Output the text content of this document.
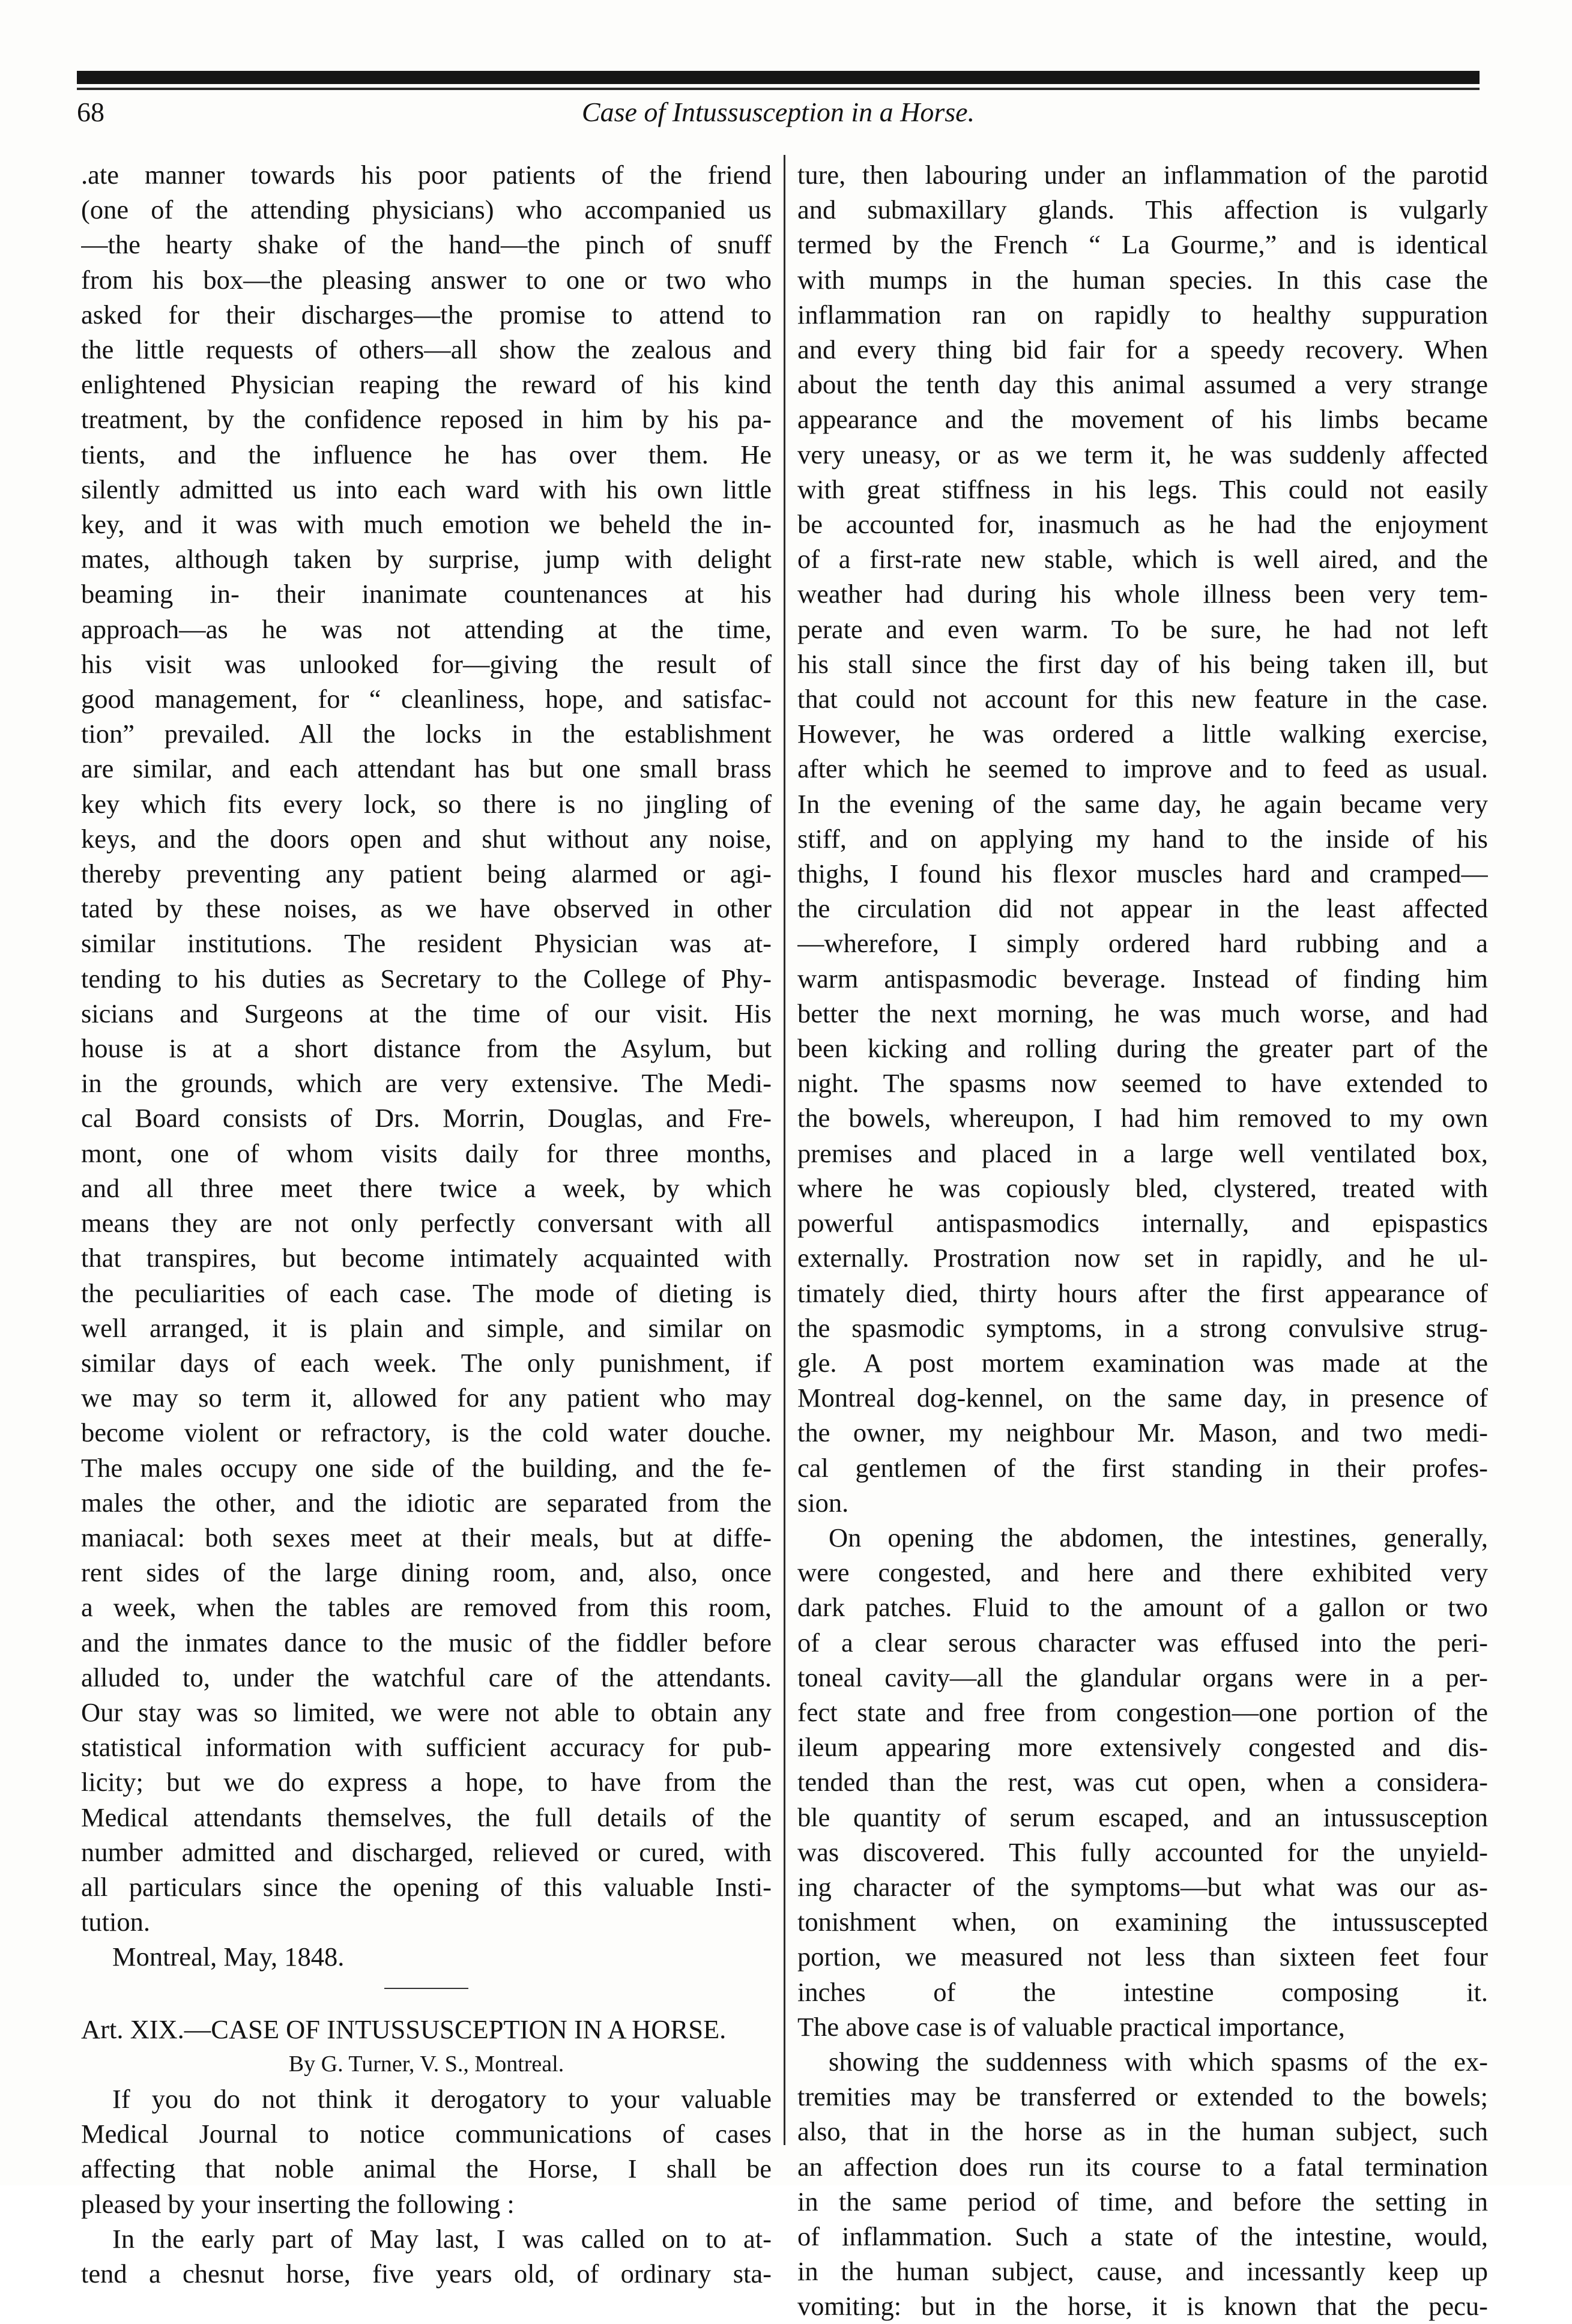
68	Case of Intussusception in a Horse.
.ate manner towards his poor patients of the friend
(one of the attending physicians) who accompanied us
—the hearty shake of the hand—the pinch of snuff
from his box—the pleasing answer to one or two who
asked for their discharges—the promise to attend to
the little requests of others—all show the zealous and
enlightened Physician reaping the reward of his kind
treatment, by the confidence reposed in him by his pa-
tients, and the influence he has over them. He
silently admitted us into each ward with his own little
key, and it was with much emotion we beheld the in-
mates, although taken by surprise, jump with delight
beaming in- their inanimate countenances at his
approach—as he was not attending at the time,
his visit was unlooked for—giving the result of
good management, for “ cleanliness, hope, and satisfac-
tion” prevailed. All the locks in the establishment
are similar, and each attendant has but one small brass
key which fits every lock, so there is no jingling of
keys, and the doors open and shut without any noise,
thereby preventing any patient being alarmed or agi-
tated by these noises, as we have observed in other
similar institutions. The resident Physician was at-
tending to his duties as Secretary to the College of Phy-
sicians and Surgeons at the time of our visit. His
house is at a short distance from the Asylum, but
in the grounds, which are very extensive. The Medi-
cal Board consists of Drs. Morrin, Douglas, and Fre-
mont, one of whom visits daily for three months,
and all three meet there twice a week, by which
means they are not only perfectly conversant with all
that transpires, but become intimately acquainted with
the peculiarities of each case. The mode of dieting is
well arranged, it is plain and simple, and similar on
similar days of each week. The only punishment, if
we may so term it, allowed for any patient who may
become violent or refractory, is the cold water douche.
The males occupy one side of the building, and the fe-
males the other, and the idiotic are separated from the
maniacal: both sexes meet at their meals, but at diffe-
rent sides of the large dining room, and, also, once
a week, when the tables are removed from this room,
and the inmates dance to the music of the fiddler before
alluded to, under the watchful care of the attendants.
Our stay was so limited, we were not able to obtain any
statistical information with sufficient accuracy for pub-
licity; but we do express a hope, to have from the
Medical attendants themselves, the full details of the
number admitted and discharged, relieved or cured, with
all particulars since the opening of this valuable Insti-
tution.
Montreal, May, 1848.
Art. XIX.—CASE OF INTUSSUSCEPTION IN A HORSE.
By G. Turner, V. S., Montreal.
If you do not think it derogatory to your valuable
Medical Journal to notice communications of cases
affecting that noble animal the Horse, I shall be
pleased by your inserting the following :
In the early part of May last, I was called on to at-
tend a chesnut horse, five years old, of ordinary sta-
ture, then labouring under an inflammation of the parotid
and submaxillary glands. This affection is vulgarly
termed by the French “ La Gourme,” and is identical
with mumps in the human species. In this case the
inflammation ran on rapidly to healthy suppuration
and every thing bid fair for a speedy recovery. When
about the tenth day this animal assumed a very strange
appearance and the movement of his limbs became
very uneasy, or as we term it, he was suddenly affected
with great stiffness in his legs. This could not easily
be accounted for, inasmuch as he had the enjoyment
of a first-rate new stable, which is well aired, and the
weather had during his whole illness been very tem-
perate and even warm. To be sure, he had not left
his stall since the first day of his being taken ill, but
that could not account for this new feature in the case.
However, he was ordered a little walking exercise,
after which he seemed to improve and to feed as usual.
In the evening of the same day, he again became very
stiff, and on applying my hand to the inside of his
thighs, I found his flexor muscles hard and cramped—
the circulation did not appear in the least affected
—wherefore, I simply ordered hard rubbing and a
warm antispasmodic beverage. Instead of finding him
better the next morning, he was much worse, and had
been kicking and rolling during the greater part of the
night. The spasms now seemed to have extended to
the bowels, whereupon, I had him removed to my own
premises and placed in a large well ventilated box,
where he was copiously bled, clystered, treated with
powerful antispasmodics internally, and epispastics
externally. Prostration now set in rapidly, and he ul-
timately died, thirty hours after the first appearance of
the spasmodic symptoms, in a strong convulsive strug-
gle. A post mortem examination was made at the
Montreal dog-kennel, on the same day, in presence of
the owner, my neighbour Mr. Mason, and two medi-
cal gentlemen of the first standing in their profes-
sion.
On opening the abdomen, the intestines, generally,
were congested, and here and there exhibited very
dark patches. Fluid to the amount of a gallon or two
of a clear serous character was effused into the peri-
toneal cavity—all the glandular organs were in a per-
fect state and free from congestion—one portion of the
ileum appearing more extensively congested and dis-
tended than the rest, was cut open, when a considera-
ble quantity of serum escaped, and an intussusception
was discovered. This fully accounted for the unyield-
ing character of the symptoms—but what was our as-
tonishment when, on examining the intussuscepted
portion, we measured not less than sixteen feet four
inches of the intestine composing it.
The above case is of valuable practical importance,
showing the suddenness with which spasms of the ex-
tremities may be transferred or extended to the bowels;
also, that in the horse as in the human subject, such
an affection does run its course to a fatal termination
in the same period of time, and before the setting in
of inflammation. Such a state of the intestine, would,
in the human subject, cause, and incessantly keep up
vomiting: but in the horse, it is known that the pecu-
